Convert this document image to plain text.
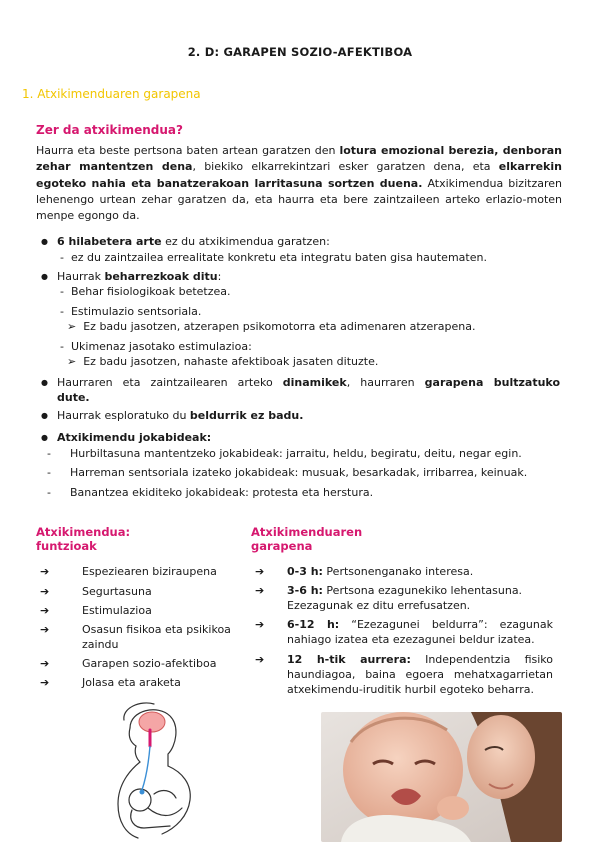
2. D: GARAPEN SOZIO-AFEKTIBOA
1. Atxikimenduaren garapena
Zer da atxikimendua?
Haurra eta beste pertsona baten artean garatzen den lotura emozional berezia, denboran zehar mantentzen dena, biekiko elkarrekintzari esker garatzen dena, eta elkarrekin egoteko nahia eta banatzerakoan larritasuna sortzen duena. Atxikimendua bizitzaren lehenengo urtean zehar garatzen da, eta haurra eta bere zaintzaileen arteko erlazio-moten menpe egongo da.
● 6 hilabetera arte ez du atxikimendua garatzen:
-  ez du zaintzailea errealitate konkretu eta integratu baten gisa hautematen.
● Haurrak beharrezkoak ditu:
-  Behar fisiologikoak betetzea.
-  Estimulazio sentsoriala.
➢  Ez badu jasotzen, atzerapen psikomotorra eta adimenaren atzerapena.
-  Ukimenaz jasotako estimulazioa:
➢  Ez badu jasotzen, nahaste afektiboak jasaten dituzte.
● Haurraren eta zaintzailearen arteko dinamikek, haurraren garapena bultzatuko
dute.
● Haurrak esploratuko du beldurrik ez badu.
● Atxikimendu jokabideak:
- Hurbiltasuna mantentzeko jokabideak: jarraitu, heldu, begiratu, deitu, negar egin.
- Harreman sentsoriala izateko jokabideak: musuak, besarkadak, irribarrea, keinuak.
- Banantzea ekiditeko jokabideak: protesta eta herstura.
Atxikimendua:
funtzioak
➔	Espeziearen biziraupena
➔	Segurtasuna
➔	Estimulazioa
➔	Osasun fisikoa eta psikikoa
zaindu
➔	Garapen sozio-afektiboa
➔	Jolasa eta araketa
Atxikimenduaren
garapena
➔ 0-3 h: Pertsonenganako interesa.
➔ 3-6 h: Pertsona ezagunekiko lehentasuna.
Ezezagunak ez ditu errefusatzen.
➔ 6-12 h: “Ezezagunei beldurra”: ezagunak
nahiago izatea eta ezezagunei beldur izatea.
➔ 12 h-tik aurrera: Independentzia fisiko
haundiagoa, baina egoera mehatxagarrietan
atxekimendu-iruditik hurbil egoteko beharra.
